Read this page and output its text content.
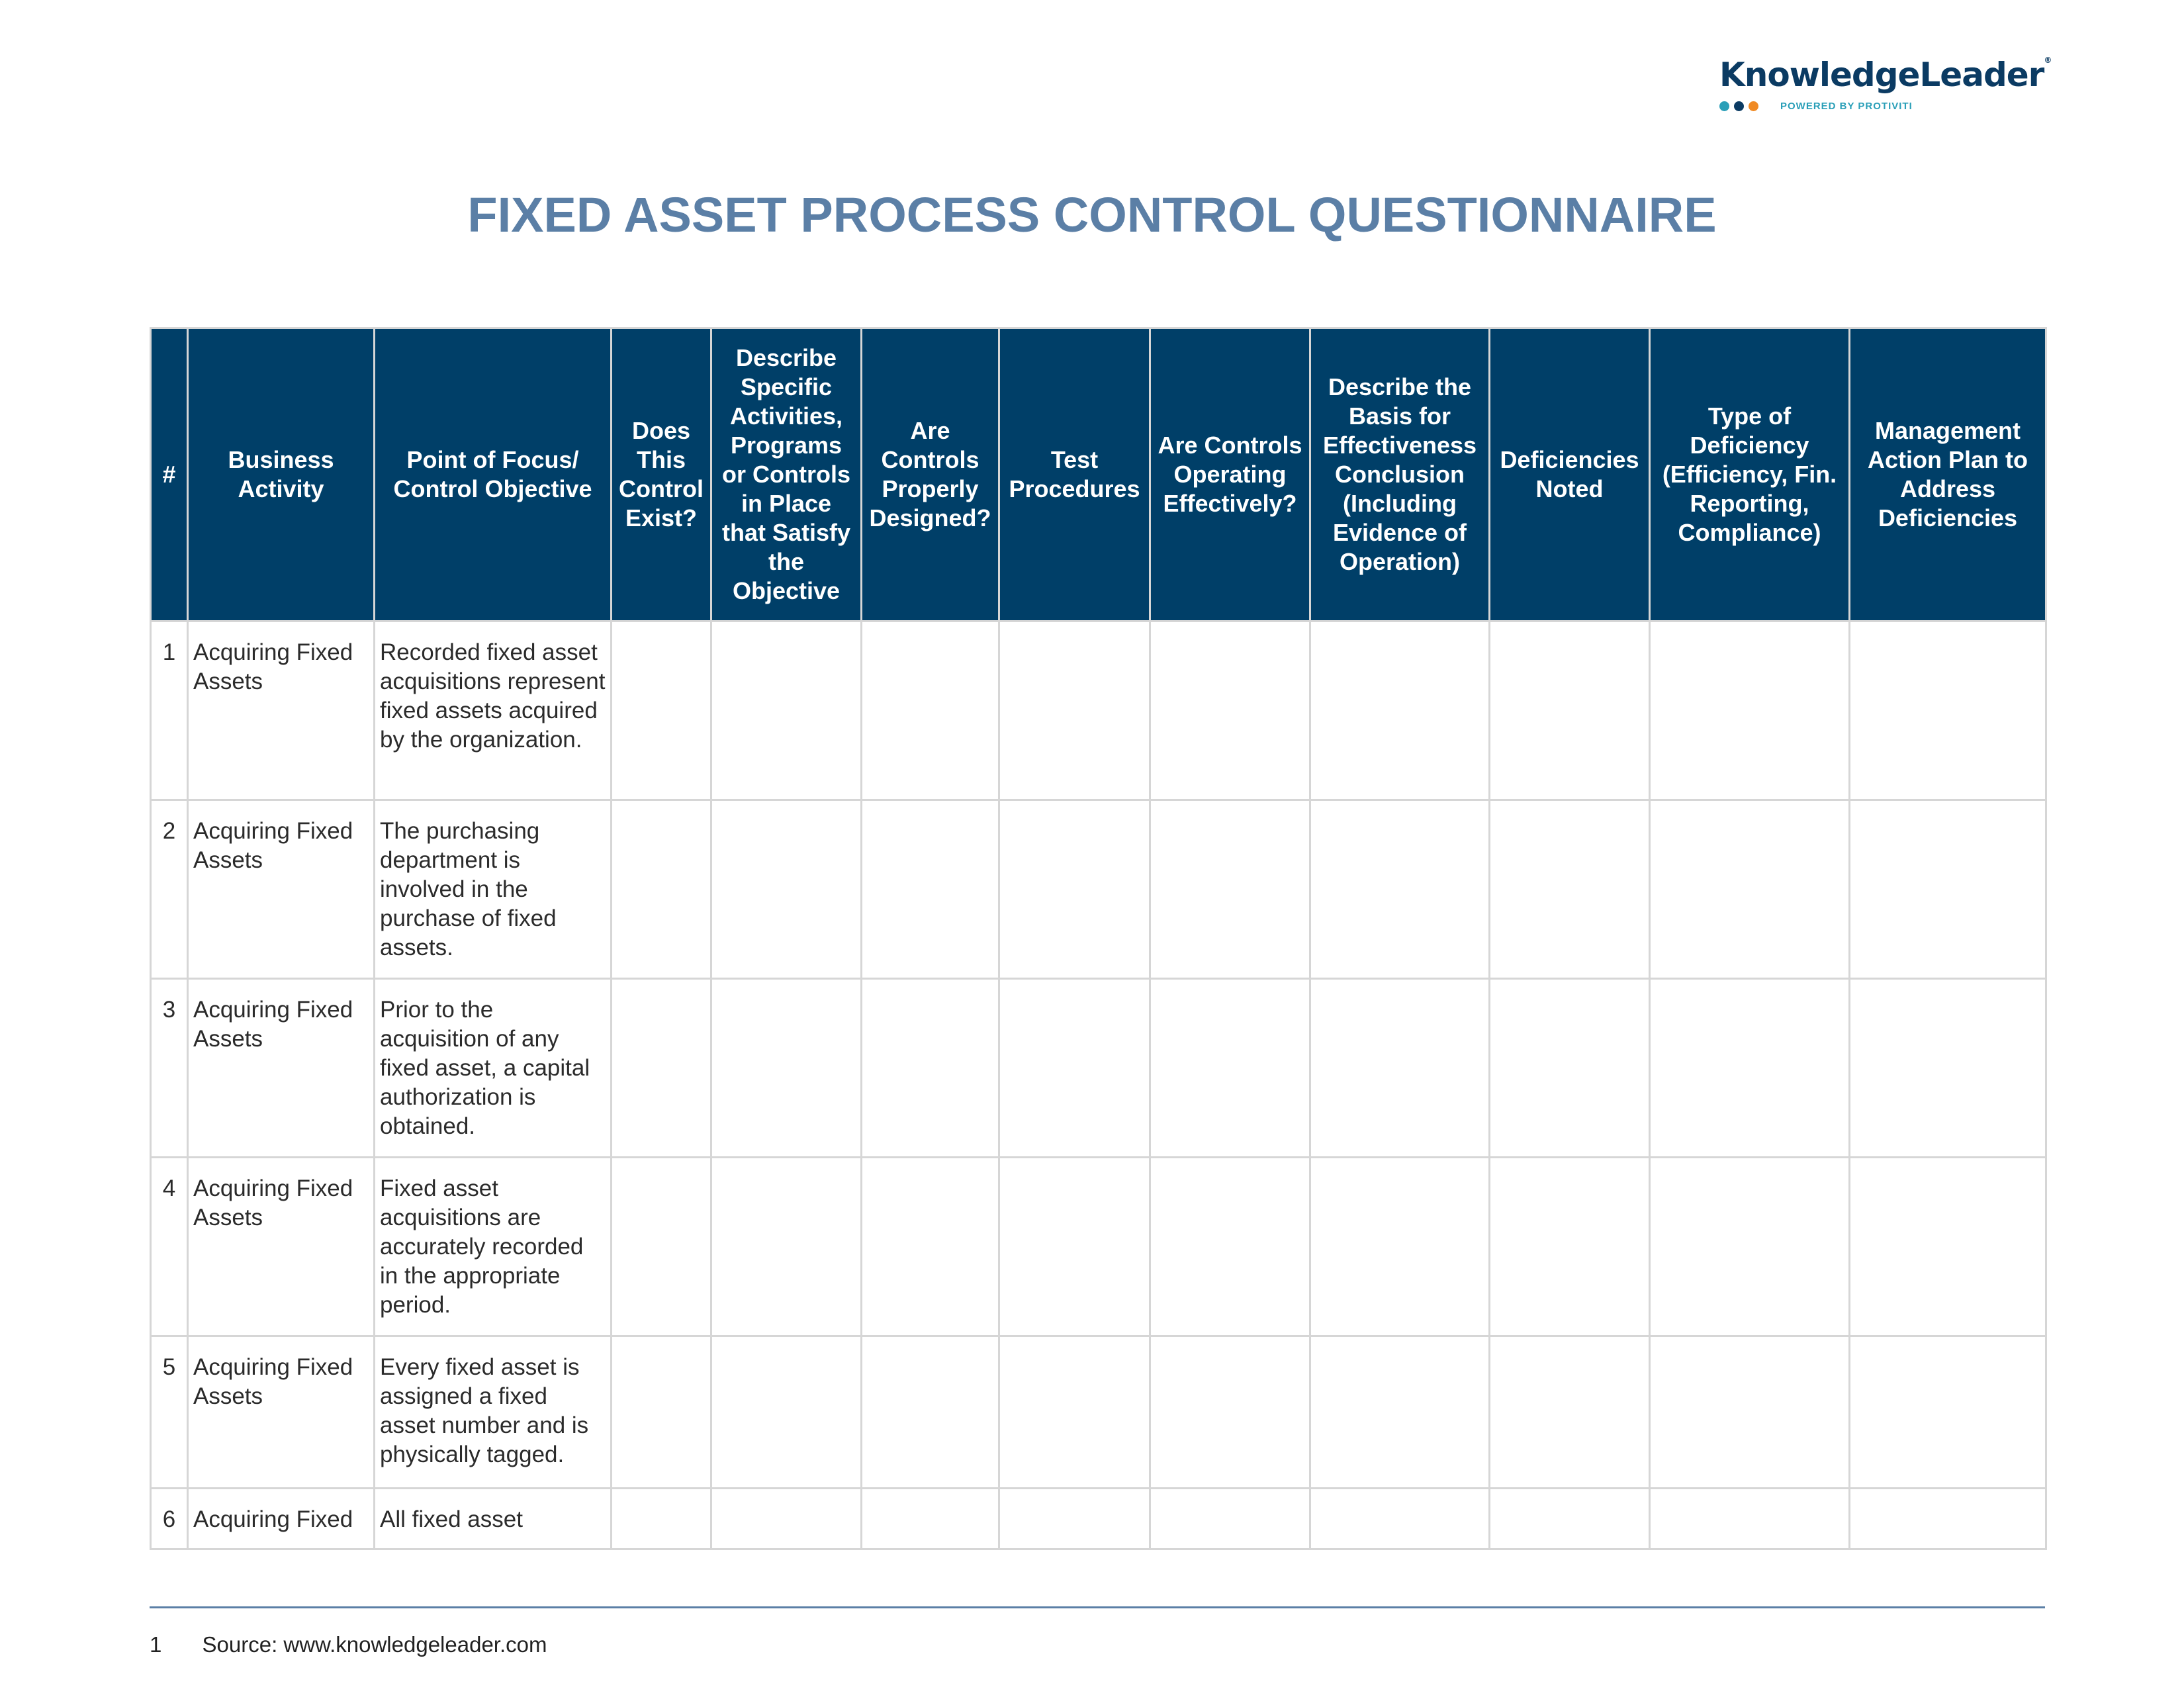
KnowledgeLeader®
POWERED BY PROTIVITI
FIXED ASSET PROCESS CONTROL QUESTIONNAIRE
#	Business Activity	Point of Focus/ Control Objective	Does This Control Exist?	Describe Specific Activities, Programs or Controls in Place that Satisfy the Objective	Are Controls Properly Designed?	Test Procedures	Are Controls Operating Effectively?	Describe the Basis for Effectiveness Conclusion (Including Evidence of Operation)	Deficiencies Noted	Type of Deficiency (Efficiency, Fin. Reporting, Compliance)	Management Action Plan to Address Deficiencies
1	Acquiring Fixed Assets	Recorded fixed asset acquisitions represent fixed assets acquired by the organization.									
2	Acquiring Fixed Assets	The purchasing department is involved in the purchase of fixed assets.									
3	Acquiring Fixed Assets	Prior to the acquisition of any fixed asset, a capital authorization is obtained.									
4	Acquiring Fixed Assets	Fixed asset acquisitions are accurately recorded in the appropriate period.									
5	Acquiring Fixed Assets	Every fixed asset is assigned a fixed asset number and is physically tagged.									
6	Acquiring Fixed	All fixed asset									
1 Source: www.knowledgeleader.com
